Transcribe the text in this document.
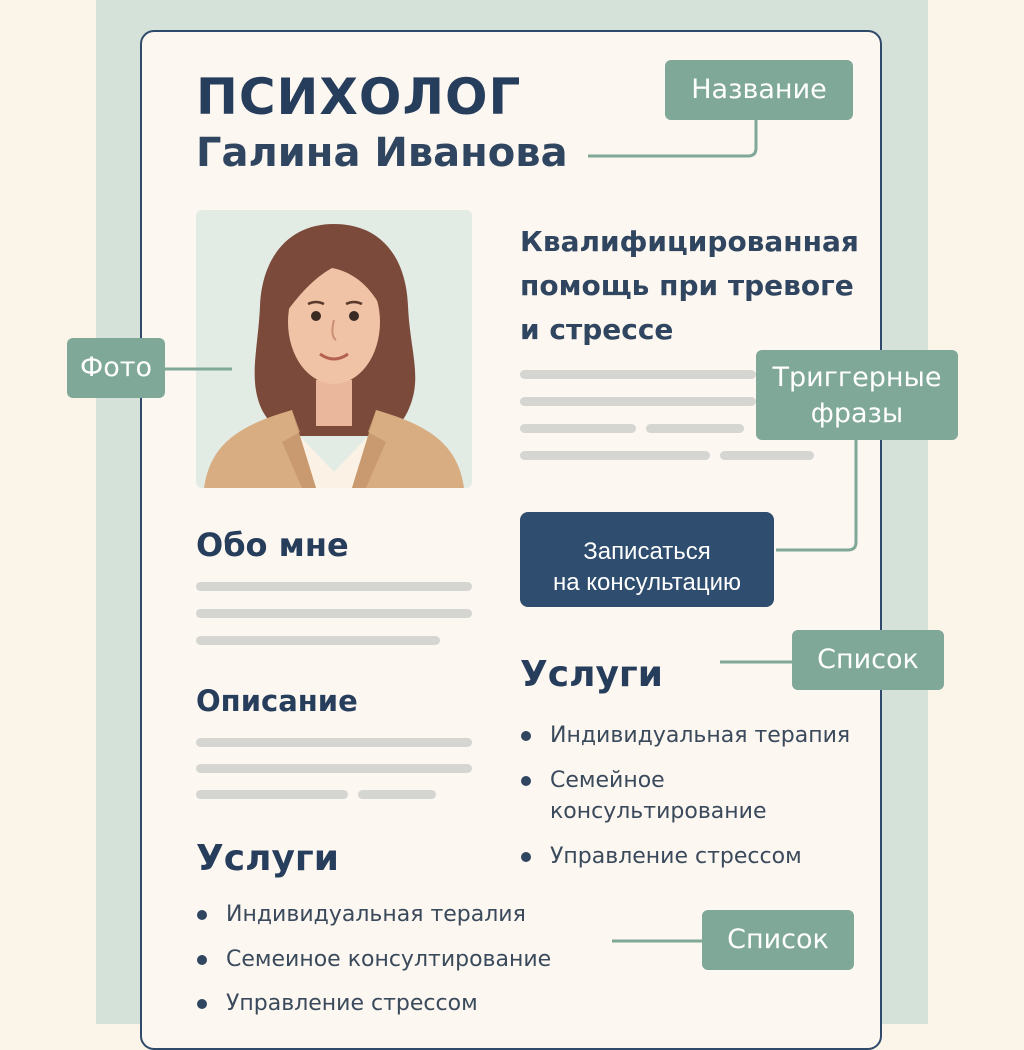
ПСИХОЛОГ
Галина Иванова
Квалифицированная
помощь при тревоге
и стрессе
Записаться
на консультацию
Обо мне
Описание
Услуги
Индивидуальная терапия
Семейное
консультирование
Управление стрессом
Услуги
Индивидуальная тералия
Семеиное консултирование
Управление стрессом
Название
Фото	Триггерные
фразы
Список
Список
